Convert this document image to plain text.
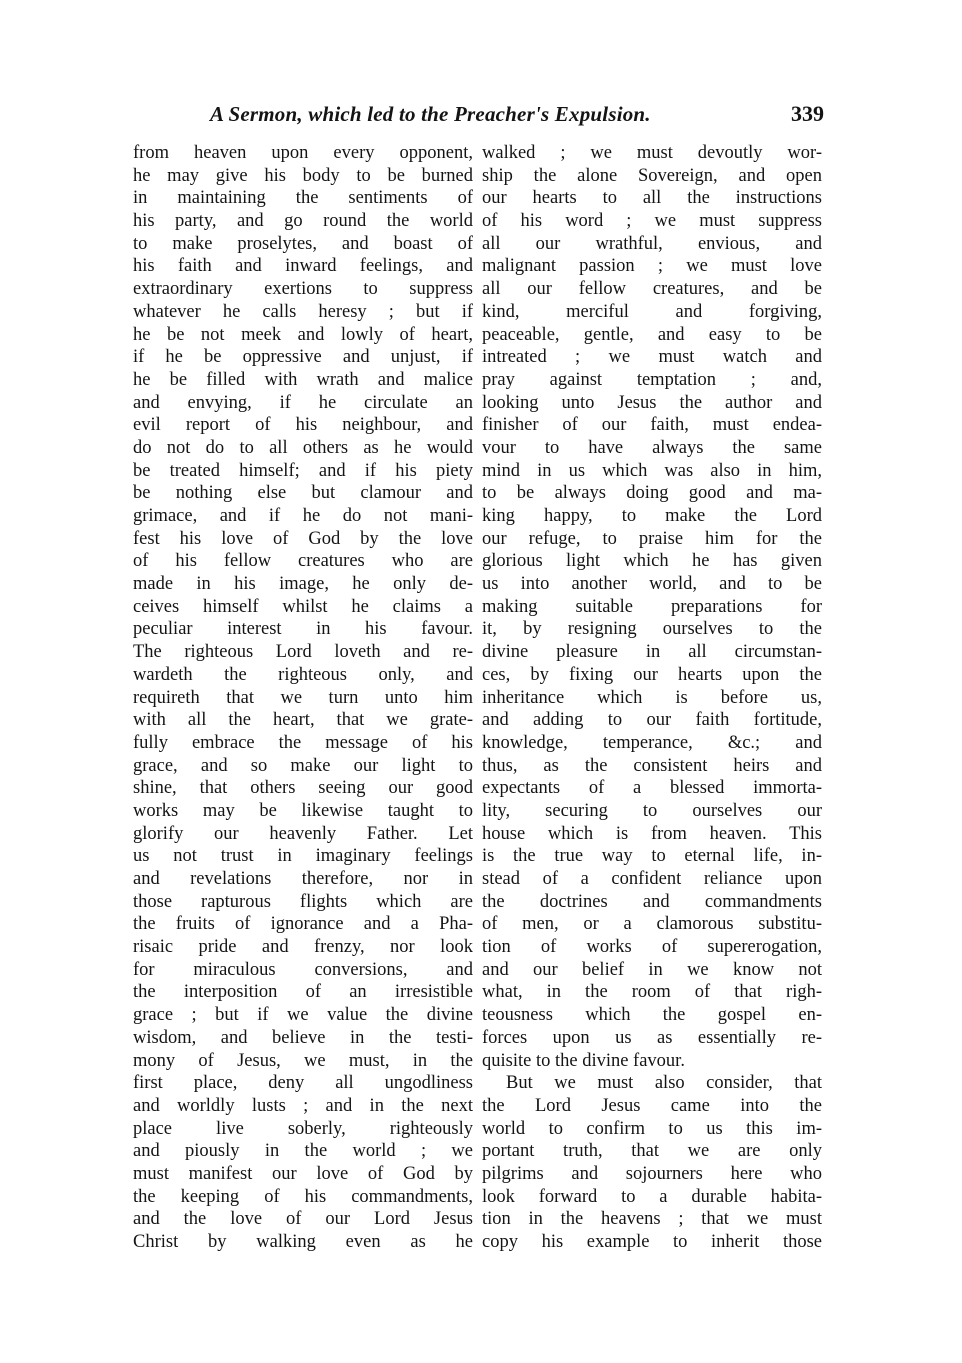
A Sermon, which led to the Preacher's Expulsion.	339
from heaven upon every opponent,
he may give his body to be burned
in maintaining the sentiments of
his party, and go round the world
to make proselytes, and boast of
his faith and inward feelings, and
extraordinary exertions to suppress
whatever he calls heresy ; but if
he be not meek and lowly of heart,
if he be oppressive and unjust, if
he be filled with wrath and malice
and envying, if he circulate an
evil report of his neighbour, and
do not do to all others as he would
be treated himself; and if his piety
be nothing else but clamour and
grimace, and if he do not mani-
fest his love of God by the love
of his fellow creatures who are
made in his image, he only de-
ceives himself whilst he claims a
peculiar interest in his favour.
The righteous Lord loveth and re-
wardeth the righteous only, and
requireth that we turn unto him
with all the heart, that we grate-
fully embrace the message of his
grace, and so make our light to
shine, that others seeing our good
works may be likewise taught to
glorify our heavenly Father. Let
us not trust in imaginary feelings
and revelations therefore, nor in
those rapturous flights which are
the fruits of ignorance and a Pha-
risaic pride and frenzy, nor look
for miraculous conversions, and
the interposition of an irresistible
grace ; but if we value the divine
wisdom, and believe in the testi-
mony of Jesus, we must, in the
first place, deny all ungodliness
and worldly lusts ; and in the next
place live soberly, righteously
and piously in the world ; we
must manifest our love of God by
the keeping of his commandments,
and the love of our Lord Jesus
Christ by walking even as he
walked ; we must devoutly wor-
ship the alone Sovereign, and open
our hearts to all the instructions
of his word ; we must suppress
all our wrathful, envious, and
malignant passion ; we must love
all our fellow creatures, and be
kind, merciful and forgiving,
peaceable, gentle, and easy to be
intreated ; we must watch and
pray against temptation ; and,
looking unto Jesus the author and
finisher of our faith, must endea-
vour to have always the same
mind in us which was also in him,
to be always doing good and ma-
king happy, to make the Lord
our refuge, to praise him for the
glorious light which he has given
us into another world, and to be
making suitable preparations for
it, by resigning ourselves to the
divine pleasure in all circumstan-
ces, by fixing our hearts upon the
inheritance which is before us,
and adding to our faith fortitude,
knowledge, temperance, &c.; and
thus, as the consistent heirs and
expectants of a blessed immorta-
lity, securing to ourselves our
house which is from heaven. This
is the true way to eternal life, in-
stead of a confident reliance upon
the doctrines and commandments
of men, or a clamorous substitu-
tion of works of supererogation,
and our belief in we know not
what, in the room of that righ-
teousness which the gospel en-
forces upon us as essentially re-
quisite to the divine favour.
But we must also consider, that
the Lord Jesus came into the
world to confirm to us this im-
portant truth, that we are only
pilgrims and sojourners here who
look forward to a durable habita-
tion in the heavens ; that we must
copy his example to inherit those
